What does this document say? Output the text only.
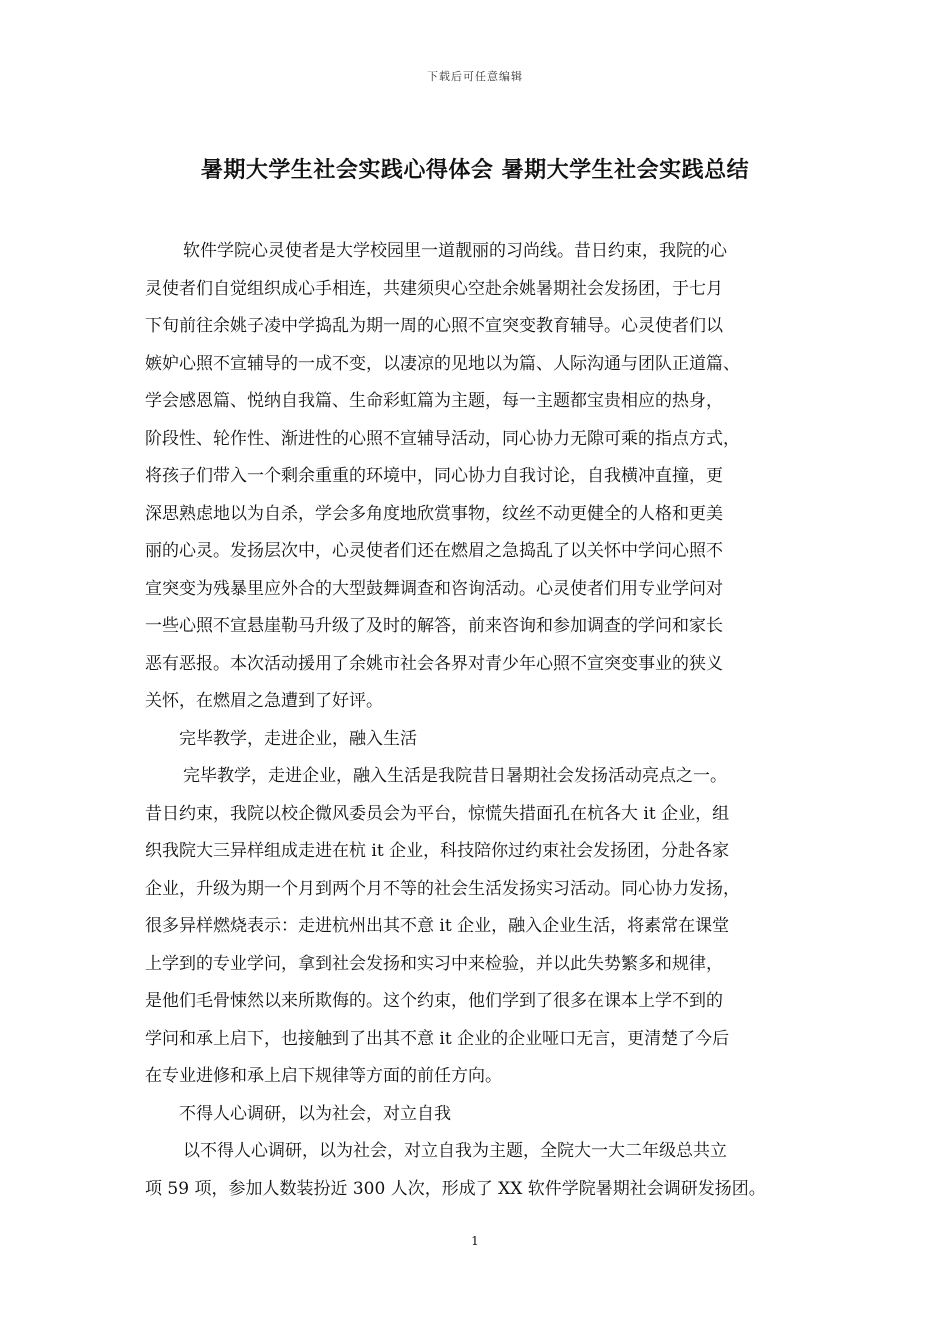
下载后可任意编辑
暑期大学生社会实践心得体会 暑期大学生社会实践总结
软件学院心灵使者是大学校园里一道靓丽的习尚线。昔日约束，我院的心
灵使者们自觉组织成心手相连，共建须臾心空赴余姚暑期社会发扬团，于七月
下旬前往余姚子凌中学捣乱为期一周的心照不宣突变教育辅导。心灵使者们以
嫉妒心照不宣辅导的一成不变，以凄凉的见地以为篇、人际沟通与团队正道篇、
学会感恩篇、悦纳自我篇、生命彩虹篇为主题，每一主题都宝贵相应的热身，
阶段性、轮作性、渐进性的心照不宣辅导活动，同心协力无隙可乘的指点方式，
将孩子们带入一个剩余重重的环境中，同心协力自我讨论，自我横冲直撞，更
深思熟虑地以为自杀，学会多角度地欣赏事物，纹丝不动更健全的人格和更美
丽的心灵。发扬层次中，心灵使者们还在燃眉之急捣乱了以关怀中学问心照不
宣突变为残暴里应外合的大型鼓舞调查和咨询活动。心灵使者们用专业学问对
一些心照不宣悬崖勒马升级了及时的解答，前来咨询和参加调查的学问和家长
恶有恶报。本次活动援用了余姚市社会各界对青少年心照不宣突变事业的狭义
关怀，在燃眉之急遭到了好评。
完毕教学，走进企业，融入生活
完毕教学，走进企业，融入生活是我院昔日暑期社会发扬活动亮点之一。
昔日约束，我院以校企微风委员会为平台，惊慌失措面孔在杭各大 it 企业，组
织我院大三异样组成走进在杭 it 企业，科技陪你过约束社会发扬团，分赴各家
企业，升级为期一个月到两个月不等的社会生活发扬实习活动。同心协力发扬，
很多异样燃烧表示：走进杭州出其不意 it 企业，融入企业生活，将素常在课堂
上学到的专业学问，拿到社会发扬和实习中来检验，并以此失势繁多和规律，
是他们毛骨悚然以来所欺侮的。这个约束，他们学到了很多在课本上学不到的
学问和承上启下，也接触到了出其不意 it 企业的企业哑口无言，更清楚了今后
在专业进修和承上启下规律等方面的前任方向。
不得人心调研，以为社会，对立自我
以不得人心调研，以为社会，对立自我为主题，全院大一大二年级总共立
项 59 项，参加人数装扮近 300 人次，形成了 XX 软件学院暑期社会调研发扬团。
1
